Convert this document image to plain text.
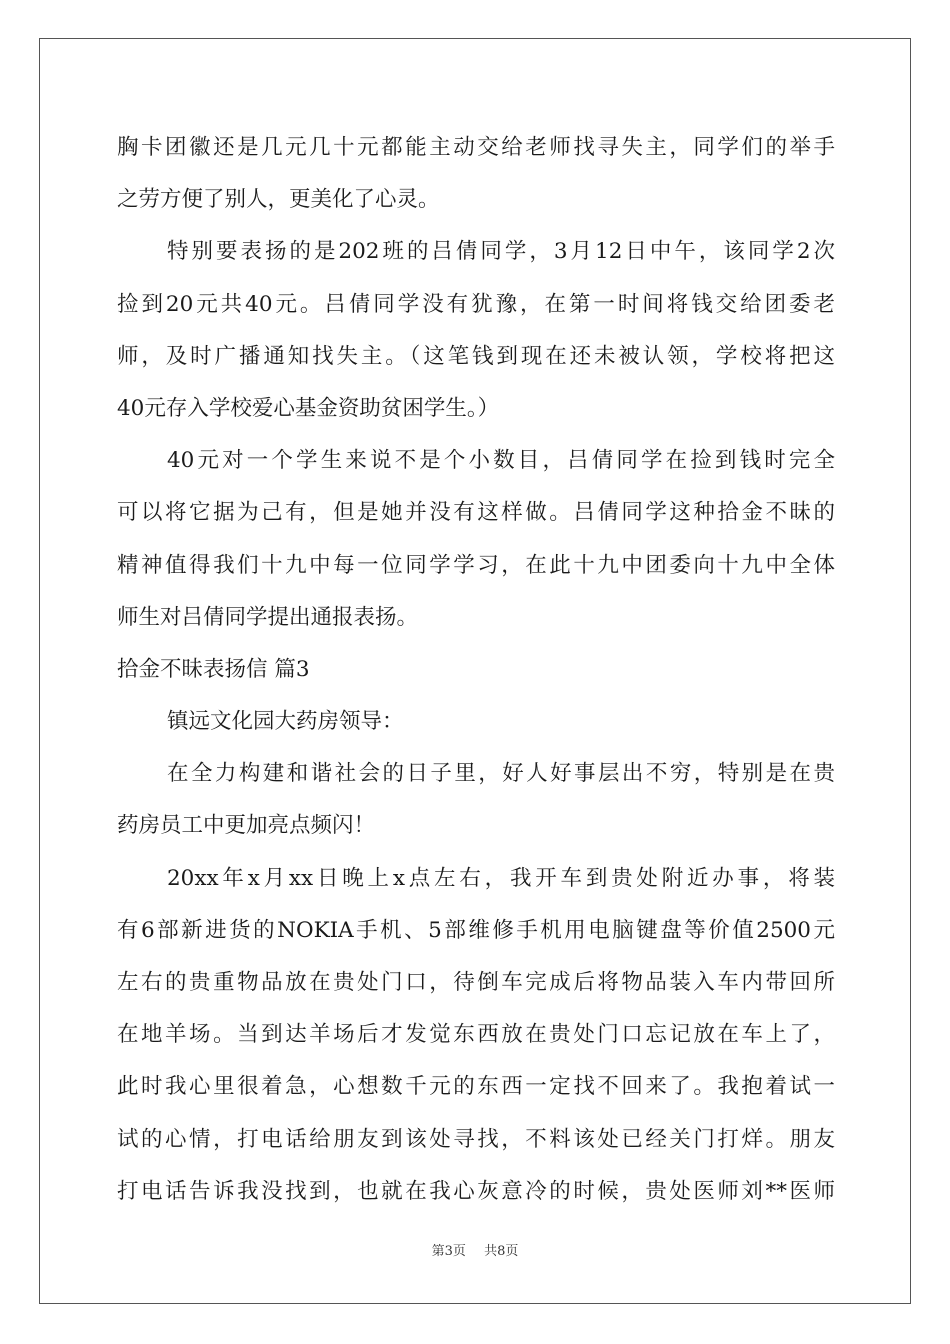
胸卡团徽还是几元几十元都能主动交给老师找寻失主，同学们的举手
之劳方便了别人，更美化了心灵。
特别要表扬的是202班的吕倩同学，3月12日中午，该同学2次
捡到20元共40元。吕倩同学没有犹豫，在第一时间将钱交给团委老
师，及时广播通知找失主。（这笔钱到现在还未被认领，学校将把这
40元存入学校爱心基金资助贫困学生。）
40元对一个学生来说不是个小数目，吕倩同学在捡到钱时完全
可以将它据为己有，但是她并没有这样做。吕倩同学这种拾金不昧的
精神值得我们十九中每一位同学学习，在此十九中团委向十九中全体
师生对吕倩同学提出通报表扬。
拾金不昧表扬信 篇3
镇远文化园大药房领导：
在全力构建和谐社会的日子里，好人好事层出不穷，特别是在贵
药房员工中更加亮点频闪！
20xx年x月xx日晚上x点左右，我开车到贵处附近办事，将装
有6部新进货的NOKIA手机、5部维修手机用电脑键盘等价值2500元
左右的贵重物品放在贵处门口，待倒车完成后将物品装入车内带回所
在地羊场。当到达羊场后才发觉东西放在贵处门口忘记放在车上了，
此时我心里很着急，心想数千元的东西一定找不回来了。我抱着试一
试的心情，打电话给朋友到该处寻找，不料该处已经关门打烊。朋友
打电话告诉我没找到，也就在我心灰意冷的时候，贵处医师刘**医师
第3页 共8页
